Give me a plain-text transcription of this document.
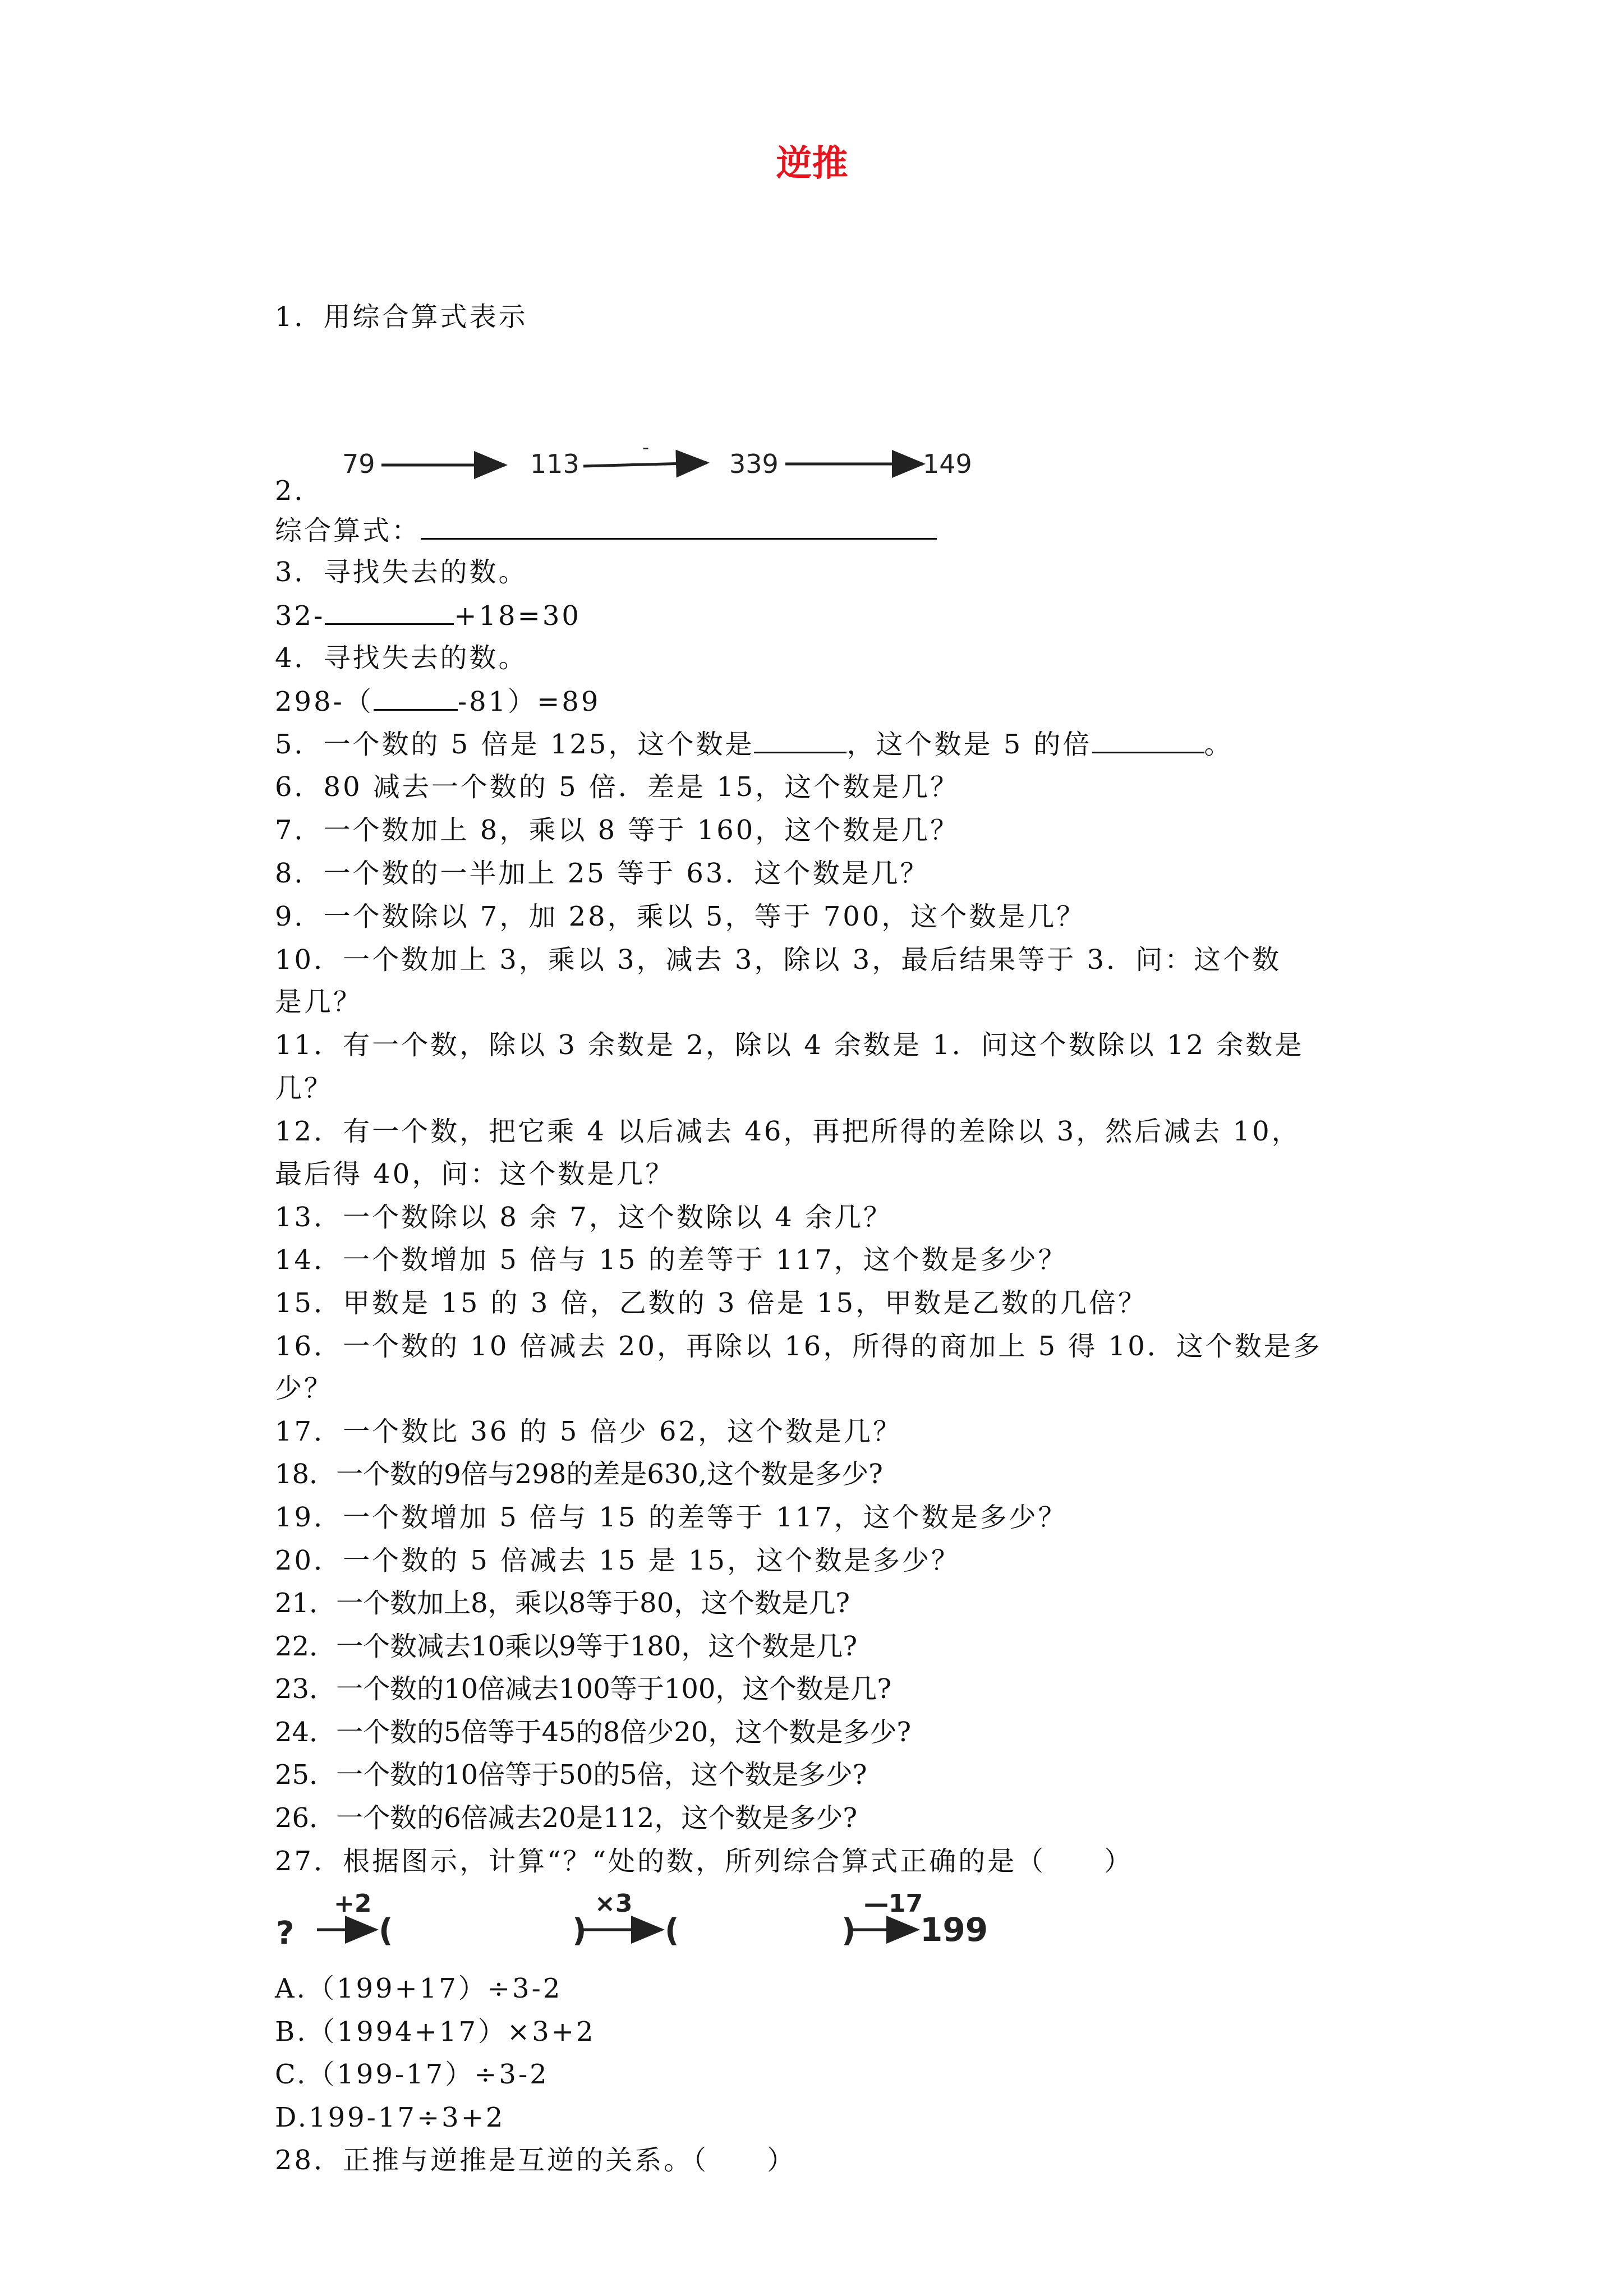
逆推
1．用综合算式表示
79	113
-
339	149
2．
综合算式：
3．寻找失去的数。
32-	+18=30
4．寻找失去的数。
298-（	-81）=89
5．一个数的 5 倍是 125，这个数是	，这个数是 5 的倍	。
6．80 减去一个数的 5 倍．差是 15，这个数是几？
7．一个数加上 8，乘以 8 等于 160，这个数是几？
8．一个数的一半加上 25 等于 63．这个数是几？
9．一个数除以 7，加 28，乘以 5，等于 700，这个数是几？
10．一个数加上 3，乘以 3，减去 3，除以 3，最后结果等于 3．问：这个数
是几？
11．有一个数，除以 3 余数是 2，除以 4 余数是 1．问这个数除以 12 余数是
几？
12．有一个数，把它乘 4 以后减去 46，再把所得的差除以 3，然后减去 10，
最后得 40，问：这个数是几？
13．一个数除以 8 余 7，这个数除以 4 余几？
14．一个数增加 5 倍与 15 的差等于 117，这个数是多少？
15．甲数是 15 的 3 倍，乙数的 3 倍是 15，甲数是乙数的几倍？
16．一个数的 10 倍减去 20，再除以 16，所得的商加上 5 得 10．这个数是多
少？
17．一个数比 36 的 5 倍少 62，这个数是几？
18．一个数的9倍与298的差是630,这个数是多少?
19．一个数增加 5 倍与 15 的差等于 117，这个数是多少？
20．一个数的 5 倍减去 15 是 15，这个数是多少？
21．一个数加上8，乘以8等于80，这个数是几?
22．一个数减去10乘以9等于180，这个数是几?
23．一个数的10倍减去100等于100，这个数是几?
24．一个数的5倍等于45的8倍少20，这个数是多少?
25．一个数的10倍等于50的5倍，这个数是多少?
26．一个数的6倍减去20是112，这个数是多少?
27．根据图示，计算“？“处的数，所列综合算式正确的是（　　）
?
+2
(	)
×3
(	)
—17
199
A.（199+17）÷3-2
B.（1994+17）×3+2
C.（199-17）÷3-2
D.199-17÷3+2
28．正推与逆推是互逆的关系。（　　）
